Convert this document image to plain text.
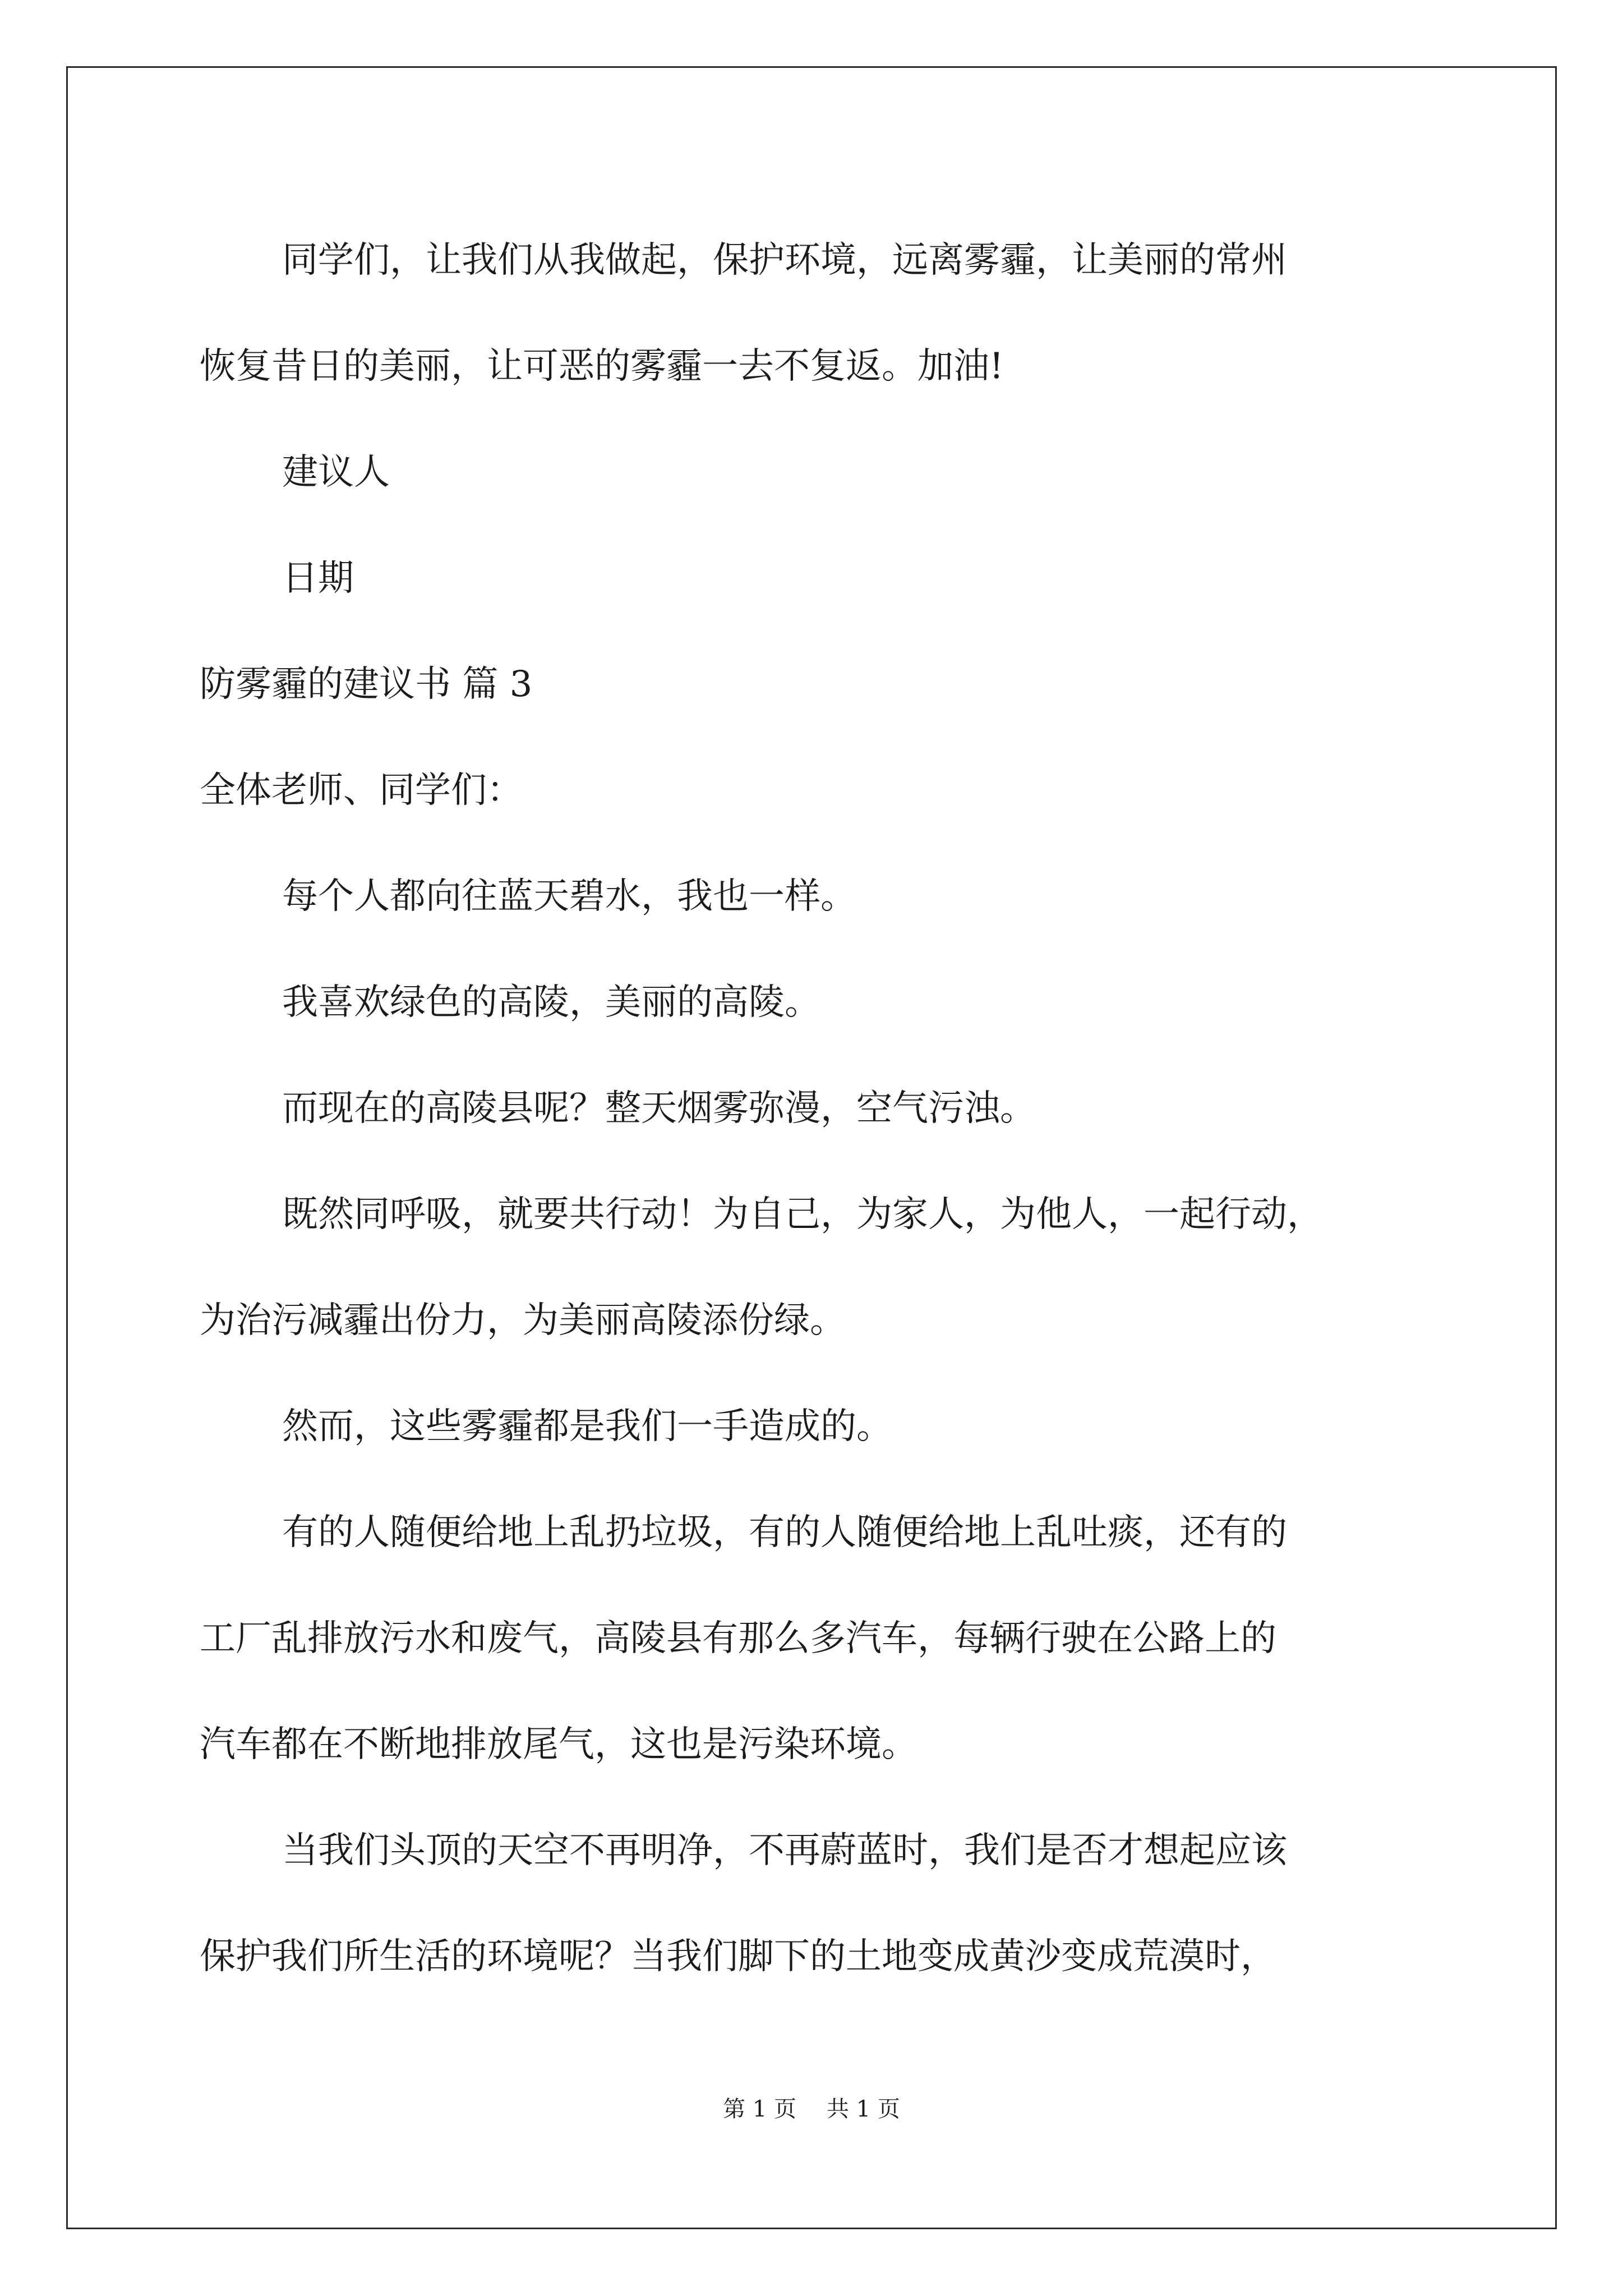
同学们，让我们从我做起，保护环境，远离雾霾，让美丽的常州
恢复昔日的美丽，让可恶的雾霾一去不复返。加油!
建议人
日期
防雾霾的建议书 篇 3
全体老师、同学们：
每个人都向往蓝天碧水，我也一样。
我喜欢绿色的高陵，美丽的高陵。
而现在的高陵县呢？整天烟雾弥漫，空气污浊。
既然同呼吸，就要共行动！为自己，为家人，为他人，一起行动，
为治污减霾出份力，为美丽高陵添份绿。
然而，这些雾霾都是我们一手造成的。
有的人随便给地上乱扔垃圾，有的人随便给地上乱吐痰，还有的
工厂乱排放污水和废气，高陵县有那么多汽车，每辆行驶在公路上的
汽车都在不断地排放尾气，这也是污染环境。
当我们头顶的天空不再明净，不再蔚蓝时，我们是否才想起应该
保护我们所生活的环境呢？当我们脚下的土地变成黄沙变成荒漠时，
第 1 页 共 1 页
